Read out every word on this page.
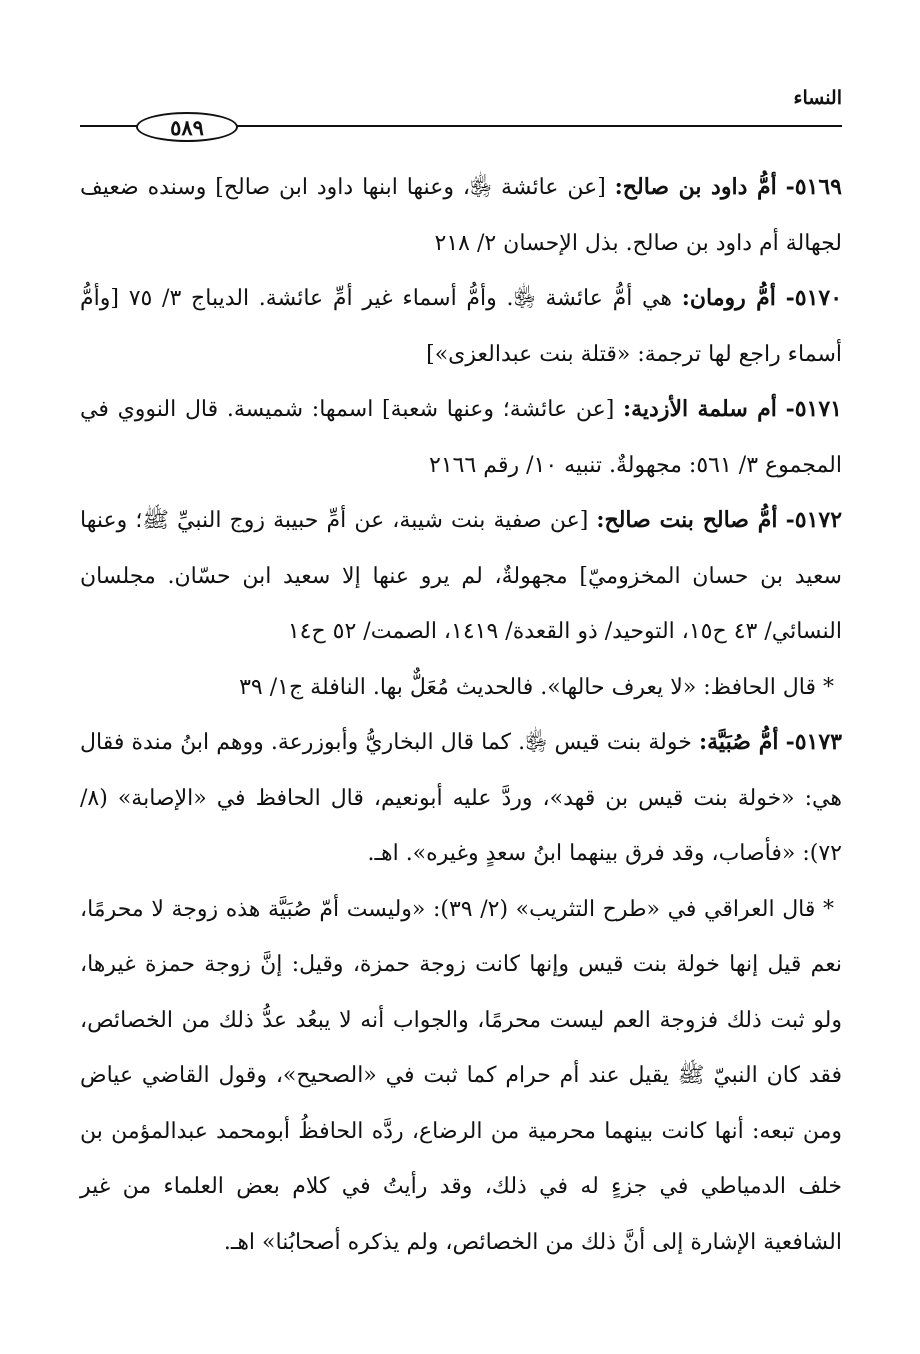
النساء
٥٨٩

٥١٦٩- أمُّ داود بن صالح: [عن عائشة ﵂، وعنها ابنها داود ابن صالح] وسنده ضعيف لجهالة أم داود بن صالح. بذل الإحسان ٢/ ٢١٨

٥١٧٠- أمُّ رومان: هي أمُّ عائشة ﵂. وأمُّ أسماء غير أمِّ عائشة. الديباج ٣/ ٧٥ [وأمُّ أسماء راجع لها ترجمة: «قتلة بنت عبدالعزى»]

٥١٧١- أم سلمة الأزدية: [عن عائشة؛ وعنها شعبة] اسمها: شميسة. قال النووي في المجموع ٣/ ٥٦١: مجهولةٌ. تنبيه ١٠/ رقم ٢١٦٦

٥١٧٢- أمُّ صالح بنت صالح: [عن صفية بنت شيبة، عن أمِّ حبيبة زوج النبيِّ ﷺ؛ وعنها سعيد بن حسان المخزوميّ] مجهولةٌ، لم يرو عنها إلا سعيد ابن حسّان. مجلسان النسائي/ ٤٣ ح١٥، التوحيد/ ذو القعدة/ ١٤١٩، الصمت/ ٥٢ ح١٤

* قال الحافظ: «لا يعرف حالها». فالحديث مُعَلٌّ بها. النافلة ج١/ ٣٩

٥١٧٣- أمُّ صُبَيَّة: خولة بنت قيس ﵂. كما قال البخاريُّ وأبوزرعة. ووهم ابنُ مندة فقال هي: «خولة بنت قيس بن قهد»، وردَّ عليه أبونعيم، قال الحافظ في «الإصابة» (٨/ ٧٢): «فأصاب، وقد فرق بينهما ابنُ سعدٍ وغيره». اهـ.

* قال العراقي في «طرح التثريب» (٢/ ٣٩): «وليست أمّ صُبَيَّة هذه زوجة لا محرمًا، نعم قيل إنها خولة بنت قيس وإنها كانت زوجة حمزة، وقيل: إنَّ زوجة حمزة غيرها، ولو ثبت ذلك فزوجة العم ليست محرمًا، والجواب أنه لا يبعُد عدُّ ذلك من الخصائص، فقد كان النبيّ ﷺ يقيل عند أم حرام كما ثبت في «الصحيح»، وقول القاضي عياض ومن تبعه: أنها كانت بينهما محرمية من الرضاع، ردَّه الحافظُ أبومحمد عبدالمؤمن بن خلف الدمياطي في جزءٍ له في ذلك، وقد رأيتُ في كلام بعض العلماء من غير الشافعية الإشارة إلى أنَّ ذلك من الخصائص، ولم يذكره أصحابُنا» اهـ.
